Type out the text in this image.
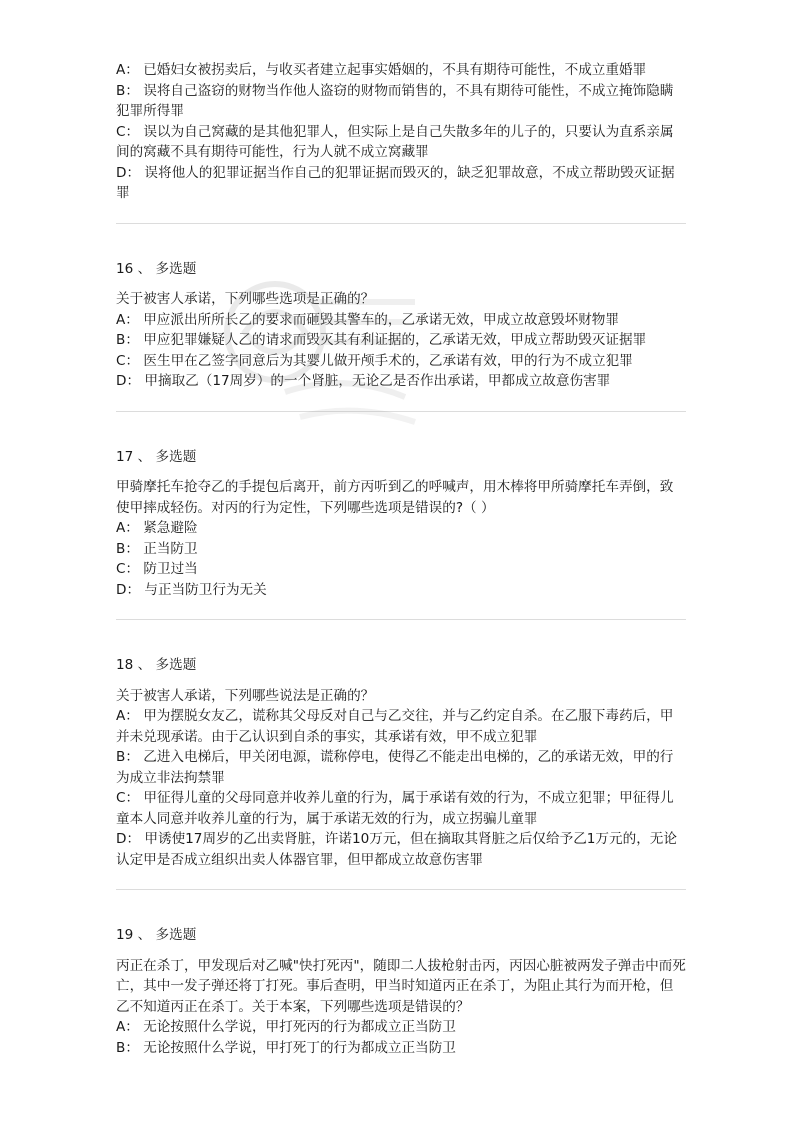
A： 已婚妇女被拐卖后，与收买者建立起事实婚姻的，不具有期待可能性，不成立重婚罪
B： 误将自己盗窃的财物当作他人盗窃的财物而销售的，不具有期待可能性，不成立掩饰隐瞒犯罪所得罪
C： 误以为自己窝藏的是其他犯罪人，但实际上是自己失散多年的儿子的，只要认为直系亲属间的窝藏不具有期待可能性，行为人就不成立窝藏罪
D： 误将他人的犯罪证据当作自己的犯罪证据而毁灭的，缺乏犯罪故意，不成立帮助毁灭证据罪
16 、 多选题
关于被害人承诺，下列哪些选项是正确的？
A： 甲应派出所所长乙的要求而砸毁其警车的，乙承诺无效，甲成立故意毁坏财物罪
B： 甲应犯罪嫌疑人乙的请求而毁灭其有利证据的，乙承诺无效，甲成立帮助毁灭证据罪
C： 医生甲在乙签字同意后为其婴儿做开颅手术的，乙承诺有效，甲的行为不成立犯罪
D： 甲摘取乙（17周岁）的一个肾脏，无论乙是否作出承诺，甲都成立故意伤害罪
17 、 多选题
甲骑摩托车抢夺乙的手提包后离开，前方丙听到乙的呼喊声，用木棒将甲所骑摩托车弄倒，致使甲摔成轻伤。对丙的行为定性，下列哪些选项是错误的?（ ）
A： 紧急避险
B： 正当防卫
C： 防卫过当
D： 与正当防卫行为无关
18 、 多选题
关于被害人承诺，下列哪些说法是正确的？
A： 甲为摆脱女友乙，谎称其父母反对自己与乙交往，并与乙约定自杀。在乙服下毒药后，甲并未兑现承诺。由于乙认识到自杀的事实，其承诺有效，甲不成立犯罪
B： 乙进入电梯后，甲关闭电源，谎称停电，使得乙不能走出电梯的，乙的承诺无效，甲的行为成立非法拘禁罪
C： 甲征得儿童的父母同意并收养儿童的行为，属于承诺有效的行为，不成立犯罪；甲征得儿童本人同意并收养儿童的行为，属于承诺无效的行为，成立拐骗儿童罪
D： 甲诱使17周岁的乙出卖肾脏，许诺10万元，但在摘取其肾脏之后仅给予乙1万元的，无论认定甲是否成立组织出卖人体器官罪，但甲都成立故意伤害罪
19 、 多选题
丙正在杀丁，甲发现后对乙喊"快打死丙"，随即二人拔枪射击丙，丙因心脏被两发子弹击中而死亡，其中一发子弹还将丁打死。事后查明，甲当时知道丙正在杀丁，为阻止其行为而开枪，但乙不知道丙正在杀丁。关于本案，下列哪些选项是错误的？
A： 无论按照什么学说，甲打死丙的行为都成立正当防卫
B： 无论按照什么学说，甲打死丁的行为都成立正当防卫
